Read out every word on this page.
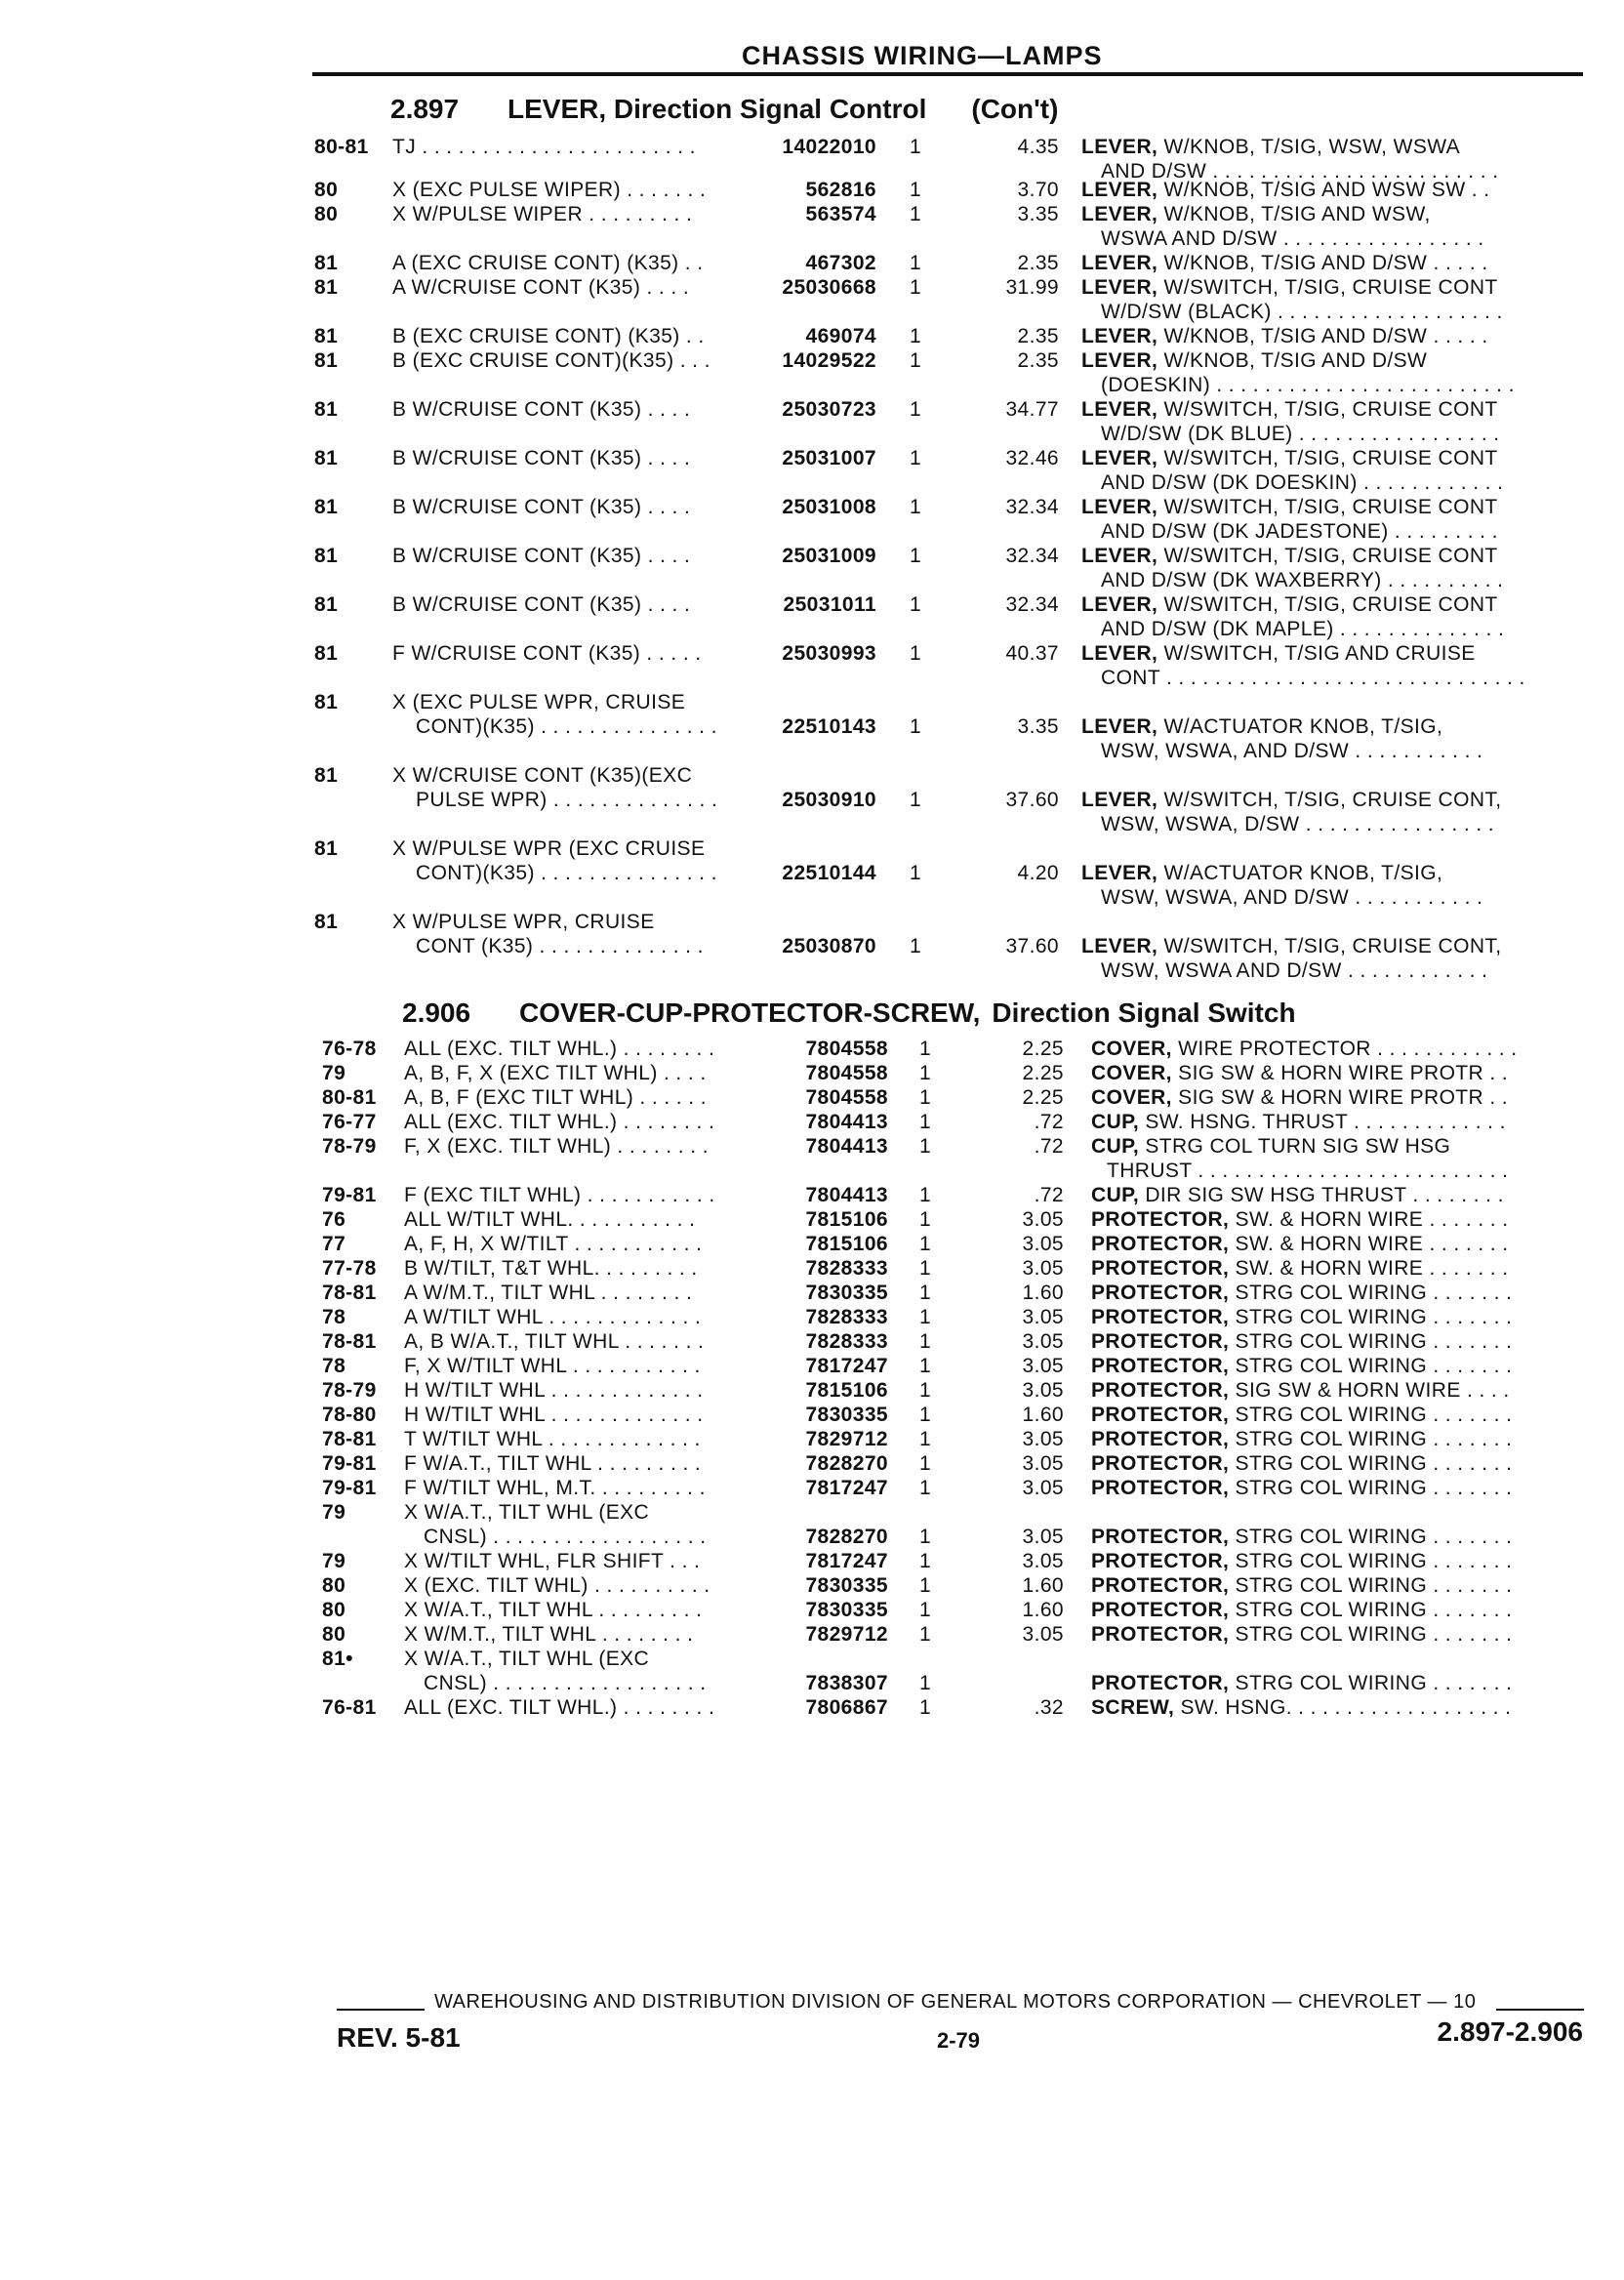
CHASSIS WIRING—LAMPS
2.897 LEVER, Direction Signal Control (Con't)
80-81 TJ . . . . . . . . . . . . . . . . . . . . . . .	14022010 1	4.35 LEVER, W/KNOB, T/SIG, WSW, WSWA
AND D/SW . . . . . . . . . . . . . . . . . . . . . . . .
80	X (EXC PULSE WIPER) . . . . . . .	562816 1	3.70 LEVER, W/KNOB, T/SIG AND WSW SW . .
80	X W/PULSE WIPER . . . . . . . . .	563574 1	3.35 LEVER, W/KNOB, T/SIG AND WSW,
WSWA AND D/SW . . . . . . . . . . . . . . . . .
81	A (EXC CRUISE CONT) (K35) . .	467302 1	2.35 LEVER, W/KNOB, T/SIG AND D/SW . . . . .
81	A W/CRUISE CONT (K35) . . . .	25030668 1	31.99 LEVER, W/SWITCH, T/SIG, CRUISE CONT
W/D/SW (BLACK) . . . . . . . . . . . . . . . . . . .
81	B (EXC CRUISE CONT) (K35) . .	469074 1	2.35 LEVER, W/KNOB, T/SIG AND D/SW . . . . .
81	B (EXC CRUISE CONT)(K35) . . .	14029522 1	2.35 LEVER, W/KNOB, T/SIG AND D/SW
(DOESKIN) . . . . . . . . . . . . . . . . . . . . . . . . .
81	B W/CRUISE CONT (K35) . . . .	25030723 1	34.77 LEVER, W/SWITCH, T/SIG, CRUISE CONT
W/D/SW (DK BLUE) . . . . . . . . . . . . . . . . .
81	B W/CRUISE CONT (K35) . . . .	25031007 1	32.46 LEVER, W/SWITCH, T/SIG, CRUISE CONT
AND D/SW (DK DOESKIN) . . . . . . . . . . . .
81	B W/CRUISE CONT (K35) . . . .	25031008 1	32.34 LEVER, W/SWITCH, T/SIG, CRUISE CONT
AND D/SW (DK JADESTONE) . . . . . . . . .
81	B W/CRUISE CONT (K35) . . . .	25031009 1	32.34 LEVER, W/SWITCH, T/SIG, CRUISE CONT
AND D/SW (DK WAXBERRY) . . . . . . . . . .
81	B W/CRUISE CONT (K35) . . . .	25031011 1	32.34 LEVER, W/SWITCH, T/SIG, CRUISE CONT
AND D/SW (DK MAPLE) . . . . . . . . . . . . . .
81	F W/CRUISE CONT (K35) . . . . .	25030993 1	40.37 LEVER, W/SWITCH, T/SIG AND CRUISE
CONT . . . . . . . . . . . . . . . . . . . . . . . . . . . . . .
81	X (EXC PULSE WPR, CRUISE
CONT)(K35) . . . . . . . . . . . . . . .	22510143 1	3.35 LEVER, W/ACTUATOR KNOB, T/SIG,
WSW, WSWA, AND D/SW . . . . . . . . . . .
81	X W/CRUISE CONT (K35)(EXC
PULSE WPR) . . . . . . . . . . . . . .	25030910 1	37.60 LEVER, W/SWITCH, T/SIG, CRUISE CONT,
WSW, WSWA, D/SW . . . . . . . . . . . . . . . .
81	X W/PULSE WPR (EXC CRUISE
CONT)(K35) . . . . . . . . . . . . . . .	22510144 1	4.20 LEVER, W/ACTUATOR KNOB, T/SIG,
WSW, WSWA, AND D/SW . . . . . . . . . . .
81	X W/PULSE WPR, CRUISE
CONT (K35) . . . . . . . . . . . . . .	25030870 1	37.60 LEVER, W/SWITCH, T/SIG, CRUISE CONT,
WSW, WSWA AND D/SW . . . . . . . . . . . .
2.906 COVER-CUP-PROTECTOR-SCREW, Direction Signal Switch
76-78 ALL (EXC. TILT WHL.) . . . . . . . .	7804558 1	2.25 COVER, WIRE PROTECTOR . . . . . . . . . . . .
79	A, B, F, X (EXC TILT WHL) . . . .	7804558 1	2.25 COVER, SIG SW & HORN WIRE PROTR . .
80-81 A, B, F (EXC TILT WHL) . . . . . .	7804558 1	2.25 COVER, SIG SW & HORN WIRE PROTR . .
76-77 ALL (EXC. TILT WHL.) . . . . . . . .	7804413 1	.72 CUP, SW. HSNG. THRUST . . . . . . . . . . . . .
78-79 F, X (EXC. TILT WHL) . . . . . . . .	7804413 1	.72 CUP, STRG COL TURN SIG SW HSG
THRUST . . . . . . . . . . . . . . . . . . . . . . . . . .
79-81 F (EXC TILT WHL) . . . . . . . . . . .	7804413 1	.72 CUP, DIR SIG SW HSG THRUST . . . . . . . .
76	ALL W/TILT WHL. . . . . . . . . . .	7815106 1	3.05 PROTECTOR, SW. & HORN WIRE . . . . . . .
77	A, F, H, X W/TILT . . . . . . . . . . .	7815106 1	3.05 PROTECTOR, SW. & HORN WIRE . . . . . . .
77-78 B W/TILT, T&T WHL. . . . . . . . .	7828333 1	3.05 PROTECTOR, SW. & HORN WIRE . . . . . . .
78-81 A W/M.T., TILT WHL . . . . . . . .	7830335 1	1.60 PROTECTOR, STRG COL WIRING . . . . . . .
78	A W/TILT WHL . . . . . . . . . . . . .	7828333 1	3.05 PROTECTOR, STRG COL WIRING . . . . . . .
78-81 A, B W/A.T., TILT WHL . . . . . . .	7828333 1	3.05 PROTECTOR, STRG COL WIRING . . . . . . .
78	F, X W/TILT WHL . . . . . . . . . . .	7817247 1	3.05 PROTECTOR, STRG COL WIRING . . . . . . .
78-79 H W/TILT WHL . . . . . . . . . . . . .	7815106 1	3.05 PROTECTOR, SIG SW & HORN WIRE . . . .
78-80 H W/TILT WHL . . . . . . . . . . . . .	7830335 1	1.60 PROTECTOR, STRG COL WIRING . . . . . . .
78-81 T W/TILT WHL . . . . . . . . . . . . .	7829712 1	3.05 PROTECTOR, STRG COL WIRING . . . . . . .
79-81 F W/A.T., TILT WHL . . . . . . . . .	7828270 1	3.05 PROTECTOR, STRG COL WIRING . . . . . . .
79-81 F W/TILT WHL, M.T. . . . . . . . . .	7817247 1	3.05 PROTECTOR, STRG COL WIRING . . . . . . .
79	X W/A.T., TILT WHL (EXC
CNSL) . . . . . . . . . . . . . . . . . .	7828270 1	3.05 PROTECTOR, STRG COL WIRING . . . . . . .
79	X W/TILT WHL, FLR SHIFT . . .	7817247 1	3.05 PROTECTOR, STRG COL WIRING . . . . . . .
80	X (EXC. TILT WHL) . . . . . . . . . .	7830335 1	1.60 PROTECTOR, STRG COL WIRING . . . . . . .
80	X W/A.T., TILT WHL . . . . . . . . .	7830335 1	1.60 PROTECTOR, STRG COL WIRING . . . . . . .
80	X W/M.T., TILT WHL . . . . . . . .	7829712 1	3.05 PROTECTOR, STRG COL WIRING . . . . . . .
81• X W/A.T., TILT WHL (EXC
CNSL) . . . . . . . . . . . . . . . . . .	7838307 1	PROTECTOR, STRG COL WIRING . . . . . . .
76-81 ALL (EXC. TILT WHL.) . . . . . . . .	7806867 1	.32 SCREW, SW. HSNG. . . . . . . . . . . . . . . . . . .
WAREHOUSING AND DISTRIBUTION DIVISION OF GENERAL MOTORS CORPORATION — CHEVROLET — 10
REV. 5-81	2-79	2.897-2.906
